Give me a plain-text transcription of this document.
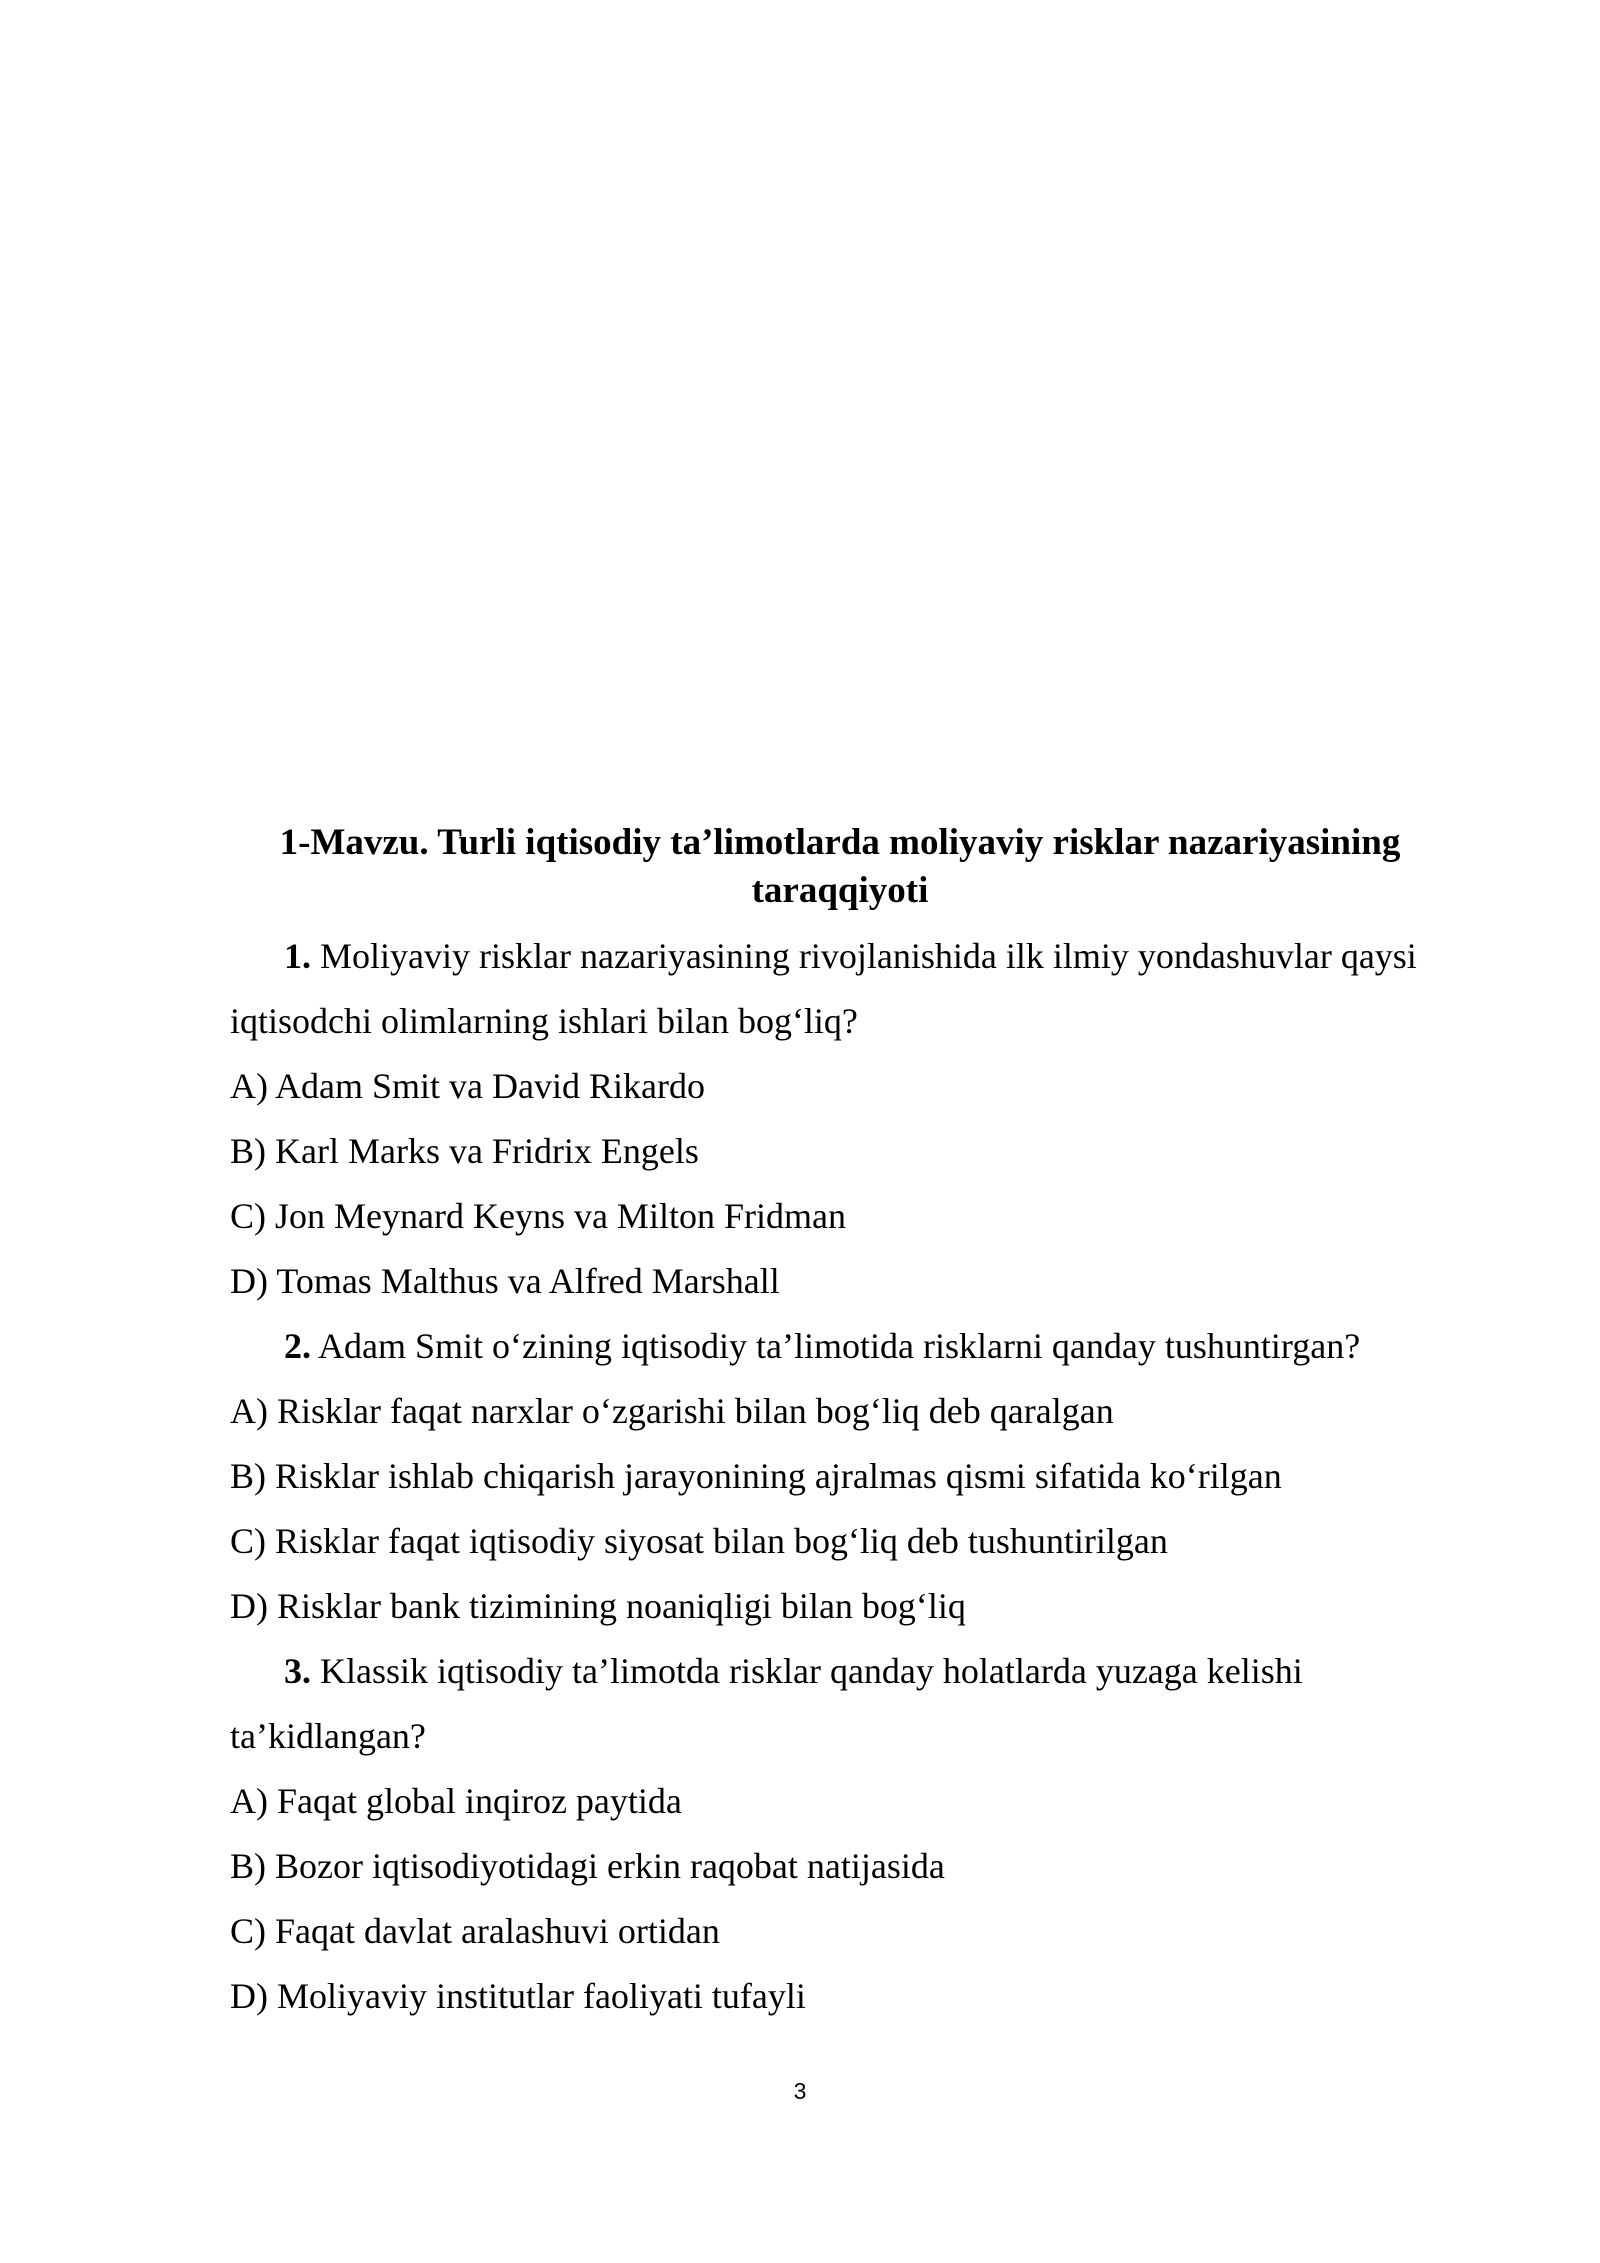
1-Mavzu. Turli iqtisodiy ta’limotlarda moliyaviy risklar nazariyasining
taraqqiyoti
1. Moliyaviy risklar nazariyasining rivojlanishida ilk ilmiy yondashuvlar qaysi
iqtisodchi olimlarning ishlari bilan bog‘liq?
A) Adam Smit va David Rikardo
B) Karl Marks va Fridrix Engels
C) Jon Meynard Keyns va Milton Fridman
D) Tomas Malthus va Alfred Marshall
2. Adam Smit o‘zining iqtisodiy ta’limotida risklarni qanday tushuntirgan?
A) Risklar faqat narxlar o‘zgarishi bilan bog‘liq deb qaralgan
B) Risklar ishlab chiqarish jarayonining ajralmas qismi sifatida ko‘rilgan
C) Risklar faqat iqtisodiy siyosat bilan bog‘liq deb tushuntirilgan
D) Risklar bank tizimining noaniqligi bilan bog‘liq
3. Klassik iqtisodiy ta’limotda risklar qanday holatlarda yuzaga kelishi
ta’kidlangan?
A) Faqat global inqiroz paytida
B) Bozor iqtisodiyotidagi erkin raqobat natijasida
C) Faqat davlat aralashuvi ortidan
D) Moliyaviy institutlar faoliyati tufayli
3
